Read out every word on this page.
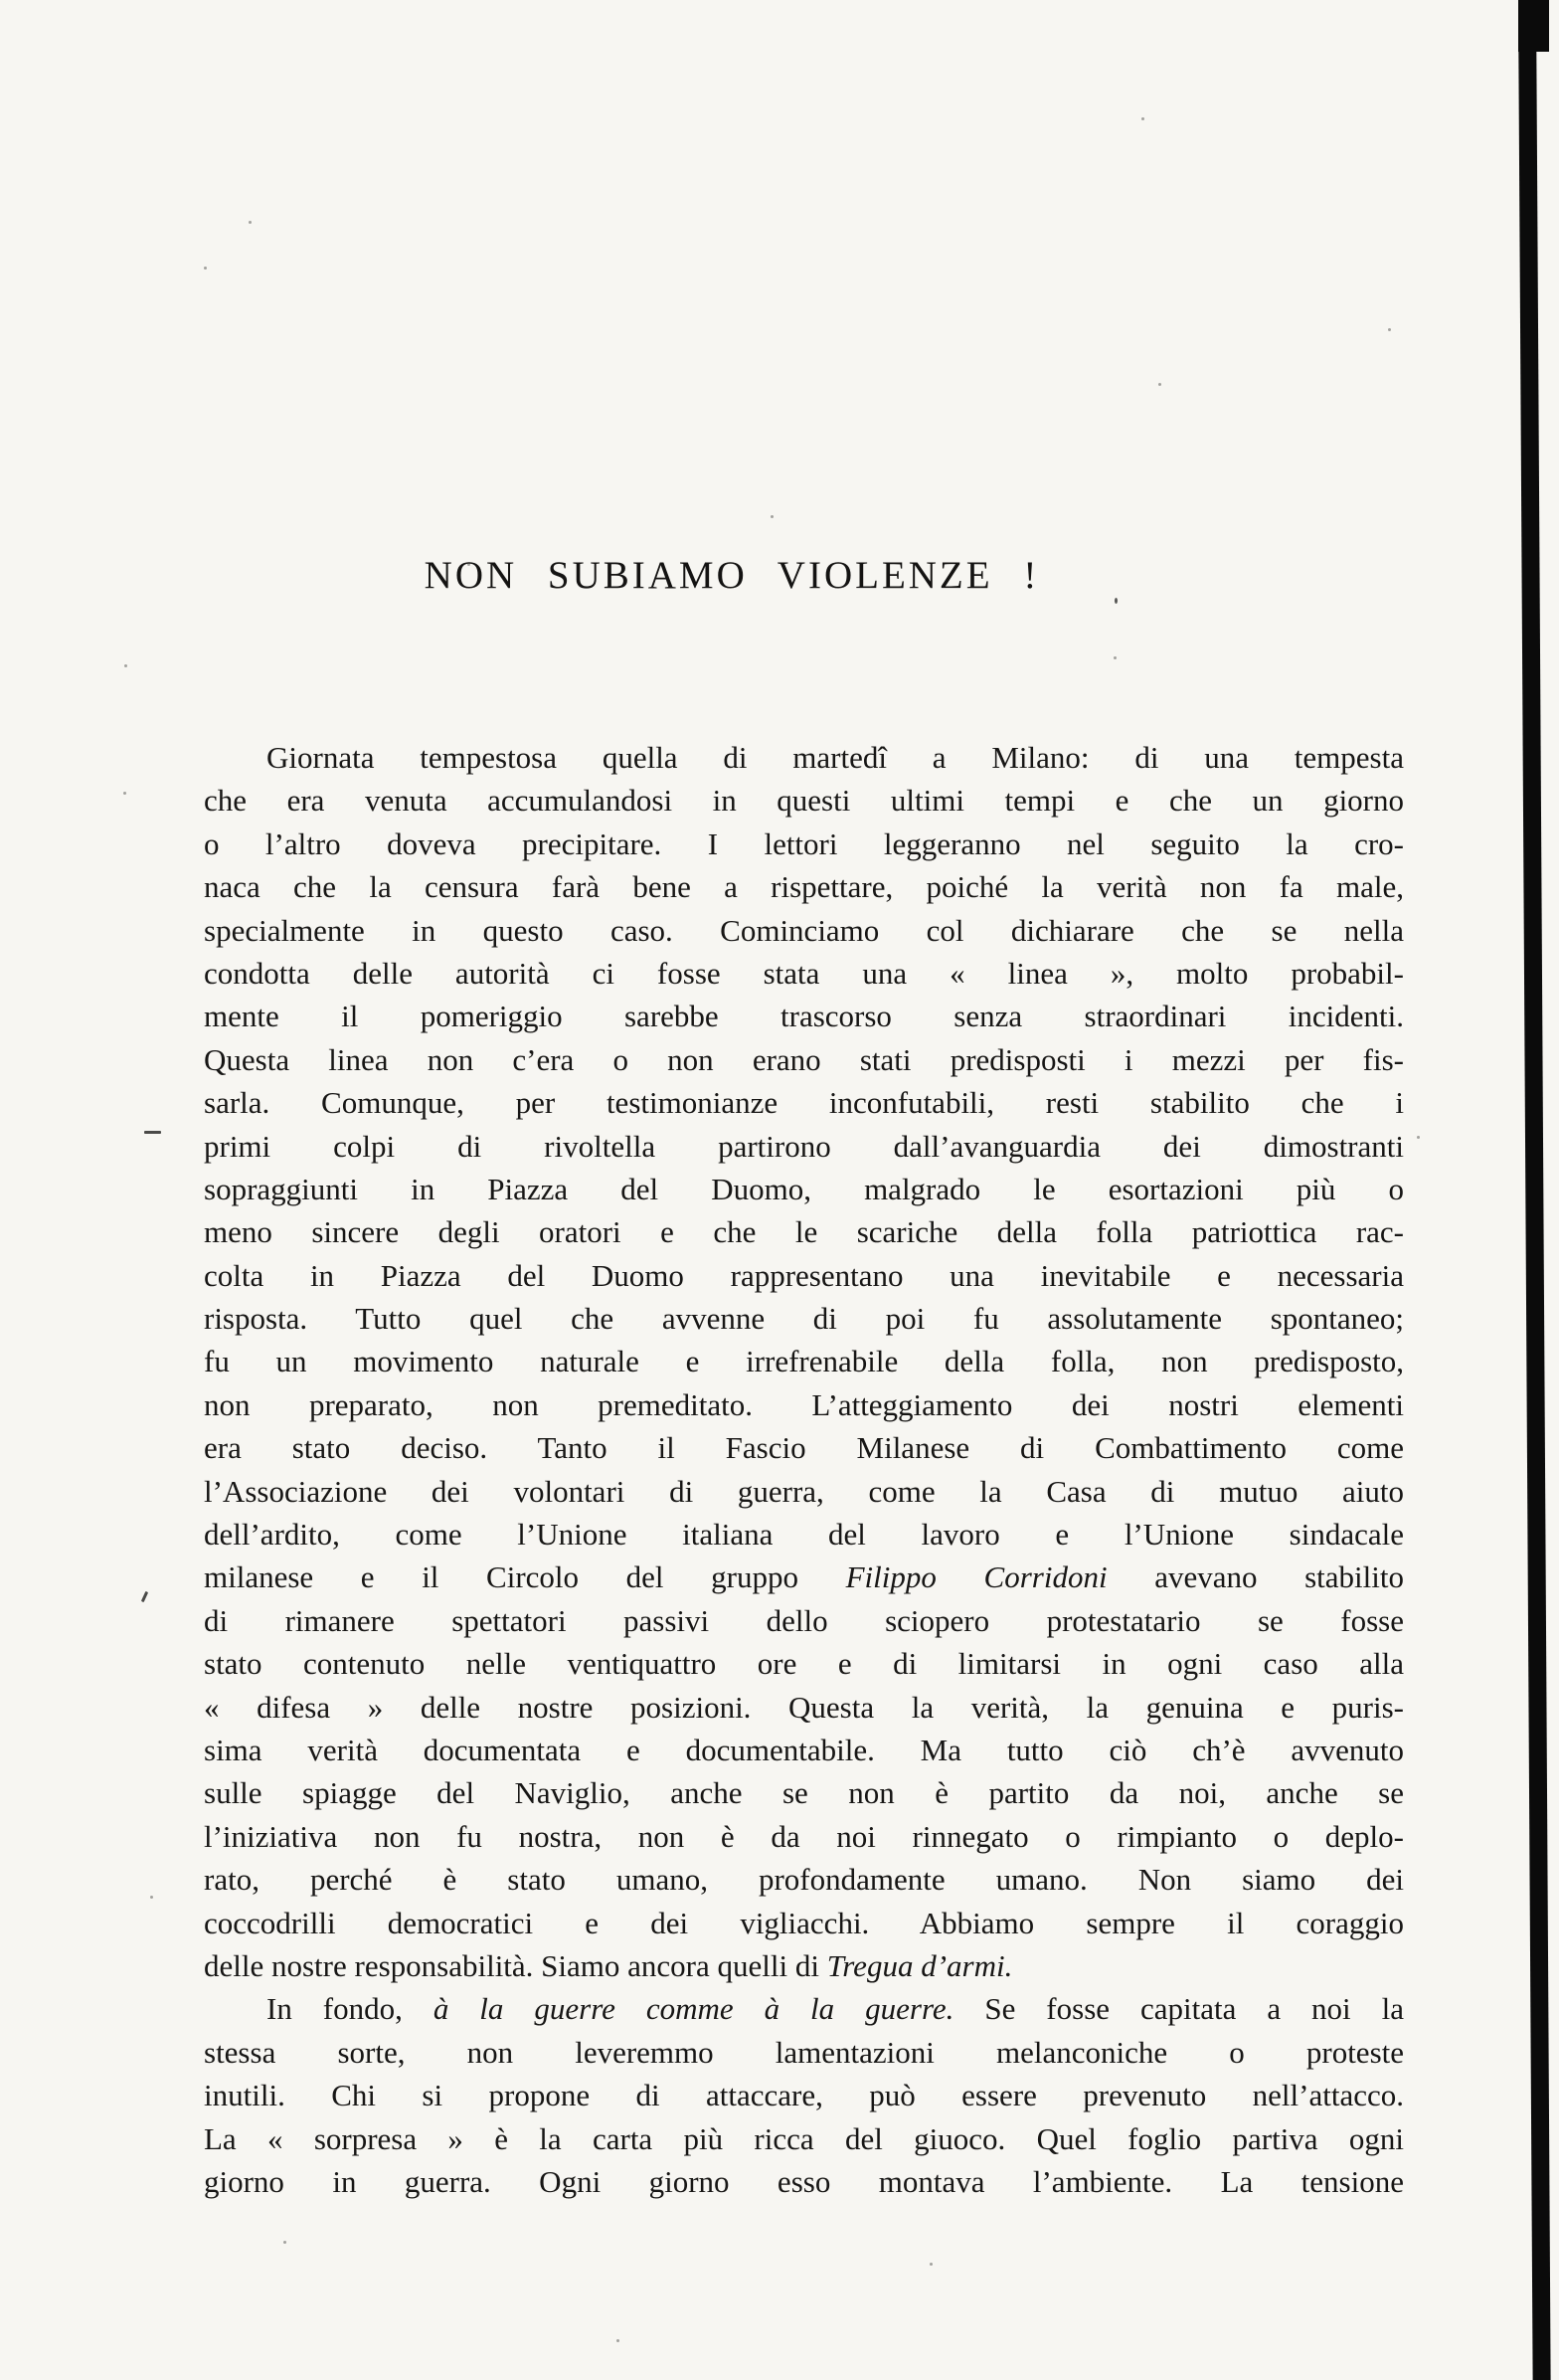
NON SUBIAMO VIOLENZE !
Giornata tempestosa quella di martedî a Milano: di una tempesta
che era venuta accumulandosi in questi ultimi tempi e che un giorno
o l’altro doveva precipitare. I lettori leggeranno nel seguito la cro-
naca che la censura farà bene a rispettare, poiché la verità non fa male,
specialmente in questo caso. Cominciamo col dichiarare che se nella
condotta delle autorità ci fosse stata una « linea », molto probabil-
mente il pomeriggio sarebbe trascorso senza straordinari incidenti.
Questa linea non c’era o non erano stati predisposti i mezzi per fis-
sarla. Comunque, per testimonianze inconfutabili, resti stabilito che i
primi colpi di rivoltella partirono dall’avanguardia dei dimostranti
sopraggiunti in Piazza del Duomo, malgrado le esortazioni più o
meno sincere degli oratori e che le scariche della folla patriottica rac-
colta in Piazza del Duomo rappresentano una inevitabile e necessaria
risposta. Tutto quel che avvenne di poi fu assolutamente spontaneo;
fu un movimento naturale e irrefrenabile della folla, non predisposto,
non preparato, non premeditato. L’atteggiamento dei nostri elementi
era stato deciso. Tanto il Fascio Milanese di Combattimento come
l’Associazione dei volontari di guerra, come la Casa di mutuo aiuto
dell’ardito, come l’Unione italiana del lavoro e l’Unione sindacale
milanese e il Circolo del gruppo Filippo Corridoni avevano stabilito
di rimanere spettatori passivi dello sciopero protestatario se fosse
stato contenuto nelle ventiquattro ore e di limitarsi in ogni caso alla
« difesa » delle nostre posizioni. Questa la verità, la genuina e puris-
sima verità documentata e documentabile. Ma tutto ciò ch’è avvenuto
sulle spiagge del Naviglio, anche se non è partito da noi, anche se
l’iniziativa non fu nostra, non è da noi rinnegato o rimpianto o deplo-
rato, perché è stato umano, profondamente umano. Non siamo dei
coccodrilli democratici e dei vigliacchi. Abbiamo sempre il coraggio
delle nostre responsabilità. Siamo ancora quelli di Tregua d’armi.
In fondo, à la guerre comme à la guerre. Se fosse capitata a noi la
stessa sorte, non leveremmo lamentazioni melanconiche o proteste
inutili. Chi si propone di attaccare, può essere prevenuto nell’attacco.
La « sorpresa » è la carta più ricca del giuoco. Quel foglio partiva ogni
giorno in guerra. Ogni giorno esso montava l’ambiente. La tensione
